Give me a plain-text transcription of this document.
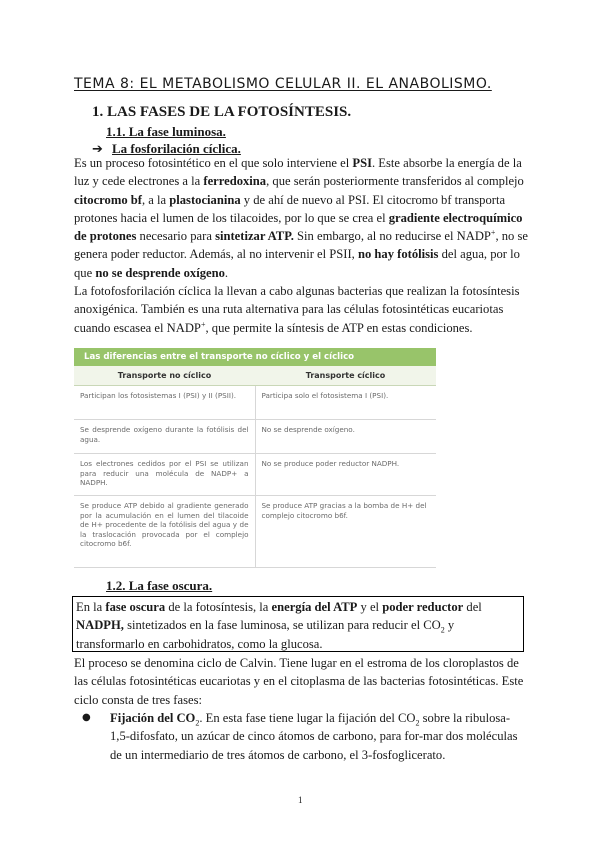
TEMA 8: EL METABOLISMO CELULAR II. EL ANABOLISMO.
1. LAS FASES DE LA FOTOSÍNTESIS.
1.1. La fase luminosa.
➔ La fosforilación cíclica.
Es un proceso fotosintético en el que solo interviene el PSI. Este absorbe la energía de la luz y cede electrones a la ferredoxina, que serán posteriormente transferidos al complejo citocromo bf, a la plastocianina y de ahí de nuevo al PSI. El citocromo bf transporta protones hacia el lumen de los tilacoides, por lo que se crea el gradiente electroquímico de protones necesario para sintetizar ATP. Sin embargo, al no reducirse el NADP+, no se genera poder reductor. Además, al no intervenir el PSII, no hay fotólisis del agua, por lo que no se desprende oxígeno.
La fotofosforilación cíclica la llevan a cabo algunas bacterias que realizan la fotosíntesis anoxigénica. También es una ruta alternativa para las células fotosintéticas eucariotas cuando escasea el NADP+, que permite la síntesis de ATP en estas condiciones.
Las diferencias entre el transporte no cíclico y el cíclico	
Transporte no cíclico	Transporte cíclico
Participan los fotosistemas I (PSI) y II (PSII).	Participa solo el fotosistema I (PSI).
Se desprende oxígeno durante la fotólisis del agua.	No se desprende oxígeno.
Los electrones cedidos por el PSI se utilizan para reducir una molécula de NADP+ a NADPH.	No se produce poder reductor NADPH.
Se produce ATP debido al gradiente generado por la acumulación en el lumen del tilacoide de H+ procedente de la fotólisis del agua y de la traslocación provocada por el complejo citocromo b6f.	Se produce ATP gracias a la bomba de H+ del complejo citocromo b6f.
1.2. La fase oscura.
En la fase oscura de la fotosíntesis, la energía del ATP y el poder reductor del NADPH, sintetizados en la fase luminosa, se utilizan para reducir el $CO_2$ y transformarlo en carbohidratos, como la glucosa.
El proceso se denomina ciclo de Calvin. Tiene lugar en el estroma de los cloroplastos de las células fotosintéticas eucariotas y en el citoplasma de las bacterias fotosintéticas. Este ciclo consta de tres fases:
● Fijación del $CO_2$. En esta fase tiene lugar la fijación del $CO_2$ sobre la ribulosa-1,5-difosfato, un azúcar de cinco átomos de carbono, para for-mar dos moléculas de un intermediario de tres átomos de carbono, el 3-fosfoglicerato.
1
